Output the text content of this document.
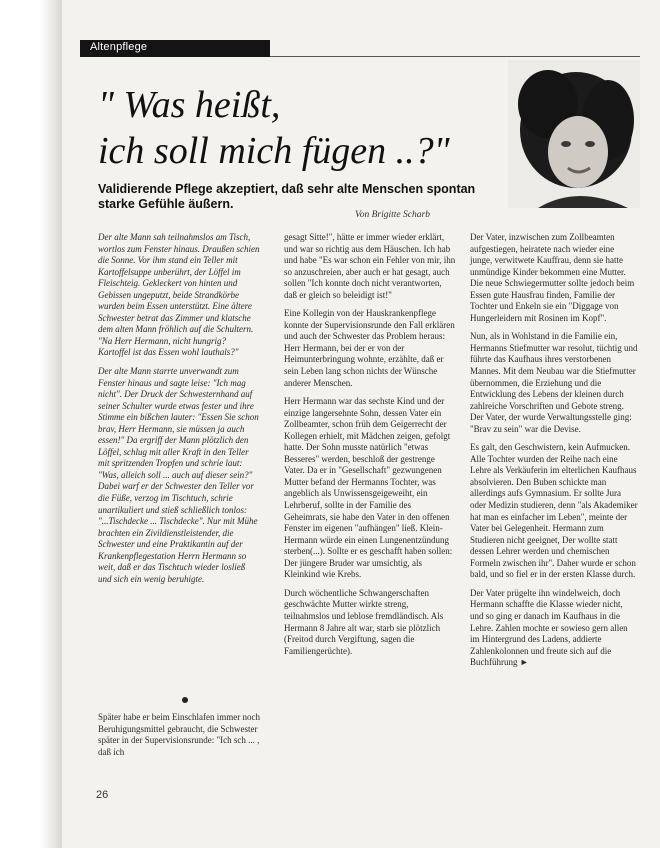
Altenpflege
" Was heißt,
ich soll mich fügen ..?"
Validierende Pflege akzeptiert, daß sehr alte Menschen spontan starke Gefühle äußern.
Von Brigitte Scharb

Der alte Mann sah teilnahmslos am Tisch, wortlos zum Fenster hinaus. Draußen schien die Sonne. Vor ihm stand ein Teller mit Kartoffelsuppe unberührt, der Löffel im Fleischteig. Gekleckert von hinten und Gebissen ungeputzt, beide Strandkörbe wurden beim Essen unterstützt. Eine ältere Schwester betrat das Zimmer und klatsche dem alten Mann fröhlich auf die Schultern. "Na Herr Hermann, nicht hungrig? Kartoffel ist das Essen wohl lauthals?"

Der alte Mann starrte unverwandt zum Fenster hinaus und sagte leise: "Ich mag nicht". Der Druck der Schwesternhand auf seiner Schulter wurde etwas fester und ihre Stimme ein bißchen lauter: "Essen Sie schon brav, Herr Hermann, sie müssen ja auch essen!" Da ergriff der Mann plötzlich den Löffel, schlug mit aller Kraft in den Teller mit spritzenden Tropfen und schrie laut: "Was, alleich soll ... auch auf dieser sein?" Dabei warf er der Schwester den Teller vor die Füße, verzog im Tischtuch, schrie unartikuliert und stieß schließlich tonlos: "...Tischdecke ... Tischdecke". Nur mit Mühe brachten ein Zivildienstleistender, die Schwester und eine Praktikantin auf der Krankenpflegestation Herrn Hermann so weit, daß er das Tischtuch wieder losließ und sich ein wenig beruhigte.

Später habe er beim Einschlafen immer noch Beruhigungsmittel gebraucht, die Schwester später in der Supervisionsrunde: "Ich sch ... , daß ich

gesagt Sitte!", hätte er immer wieder erklärt, und war so richtig aus dem Häuschen. Ich hab und habe "Es war schon ein Fehler von mir, ihn so anzuschreien, aber auch er hat gesagt, auch sollen "Ich konnte doch nicht verantworten, daß er gleich so beleidigt ist!"

Eine Kollegin von der Hauskrankenpflege konnte der Supervisionsrunde den Fall erklären und auch der Schwester das Problem heraus: Herr Hermann, bei der er von der Heimunterbringung wohnte, erzählte, daß er sein Leben lang schon nichts der Wünsche anderer Menschen.

Herr Hermann war das sechste Kind und der einzige langersehnte Sohn, dessen Vater ein Zollbeamter, schon früh dem Geigerrecht der Kollegen erhielt, mit Mädchen zeigen, gefolgt hatte. Der Sohn musste natürlich "etwas Besseres" werden, beschloß der gestrenge Vater. Da er in "Gesellschaft" gezwungenen Mutter befand der Hermanns Tochter, was angeblich als Unwissensgeigeweiht, ein Lehrberuf, sollte in der Familie des Geheimrats, sie habe den Vater in den offenen Fenster im eigenen "aufhängen" ließ. Klein-Hermann würde ein einen Lungenentzündung sterben(...). Sollte er es geschafft haben sollen: Der jüngere Bruder war umsichtig, als Kleinkind wie Krebs.

Durch wöchentliche Schwangerschaften geschwächte Mutter wirkte streng, teilnahmslos und leblose fremdländisch. Als Hermann 8 Jahre alt war, starb sie plötzlich (Freitod durch Vergiftung, sagen die Familiengerüchte).

Der Vater, inzwischen zum Zollbeamten aufgestiegen, heiratete nach wieder eine junge, verwitwete Kauffrau, denn sie hatte unmündige Kinder bekommen eine Mutter. Die neue Schwiegermutter sollte jedoch beim Essen gute Hausfrau finden, Familie der Tochter und Enkeln sie ein "Diggage von Hungerleidern mit Rosinen im Kopf".

Nun, als in Wohlstand in die Familie ein, Hermanns Stiefmutter war resolut, tüchtig und führte das Kaufhaus ihres verstorbenen Mannes. Mit dem Neubau war die Stiefmutter übernommen, die Erziehung und die Entwicklung des Lebens der kleinen durch zahlreiche Vorschriften und Gebote streng. Der Vater, der wurde Verwaltungsstelle ging: "Brav zu sein" war die Devise.

Es galt, den Geschwistern, kein Aufmucken. Alle Tochter wurden der Reihe nach eine Lehre als Verkäuferin im elterlichen Kaufhaus absolvieren. Den Buben schickte man allerdings aufs Gymnasium. Er sollte Jura oder Medizin studieren, denn "als Akademiker hat man es einfacher im Leben", meinte der Vater bei Gelegenheit. Hermann zum Studieren nicht geeignet, Der wollte statt dessen Lehrer werden und chemischen Formeln zwischen ihr". Daher wurde er schon bald, und so fiel er in der ersten Klasse durch.

Der Vater prügelte ihn windelweich, doch Hermann schaffte die Klasse wieder nicht, und so ging er danach im Kaufhaus in die Lehre. Zahlen mochte er sowieso gern allen im Hintergrund des Ladens, addierte Zahlenkolonnen und freute sich auf die Buchführung ►

26
